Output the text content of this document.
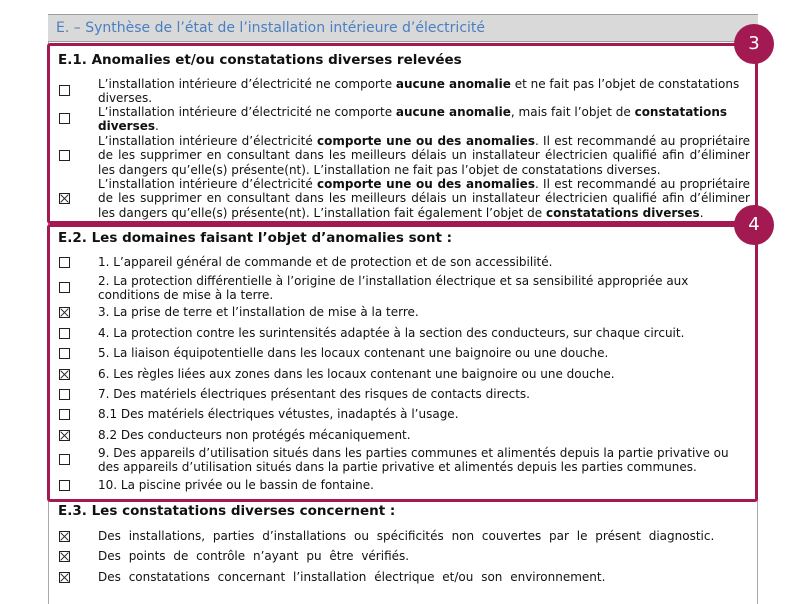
E. – Synthèse de l’état de l’installation intérieure d’électricité
3
4
E.1. Anomalies et/ou constatations diverses relevées
L’installation intérieure d’électricité ne comporte aucune anomalie et ne fait pas l’objet de constatations diverses.
L’installation intérieure d’électricité ne comporte aucune anomalie, mais fait l’objet de constatations diverses.
L’installation intérieure d’électricité comporte une ou des anomalies. Il est recommandé au propriétaire de les supprimer en consultant dans les meilleurs délais un installateur électricien qualifié afin d’éliminer les dangers qu’elle(s) présente(nt). L’installation ne fait pas l’objet de constatations diverses.
L’installation intérieure d’électricité comporte une ou des anomalies. Il est recommandé au propriétaire de les supprimer en consultant dans les meilleurs délais un installateur électricien qualifié afin d’éliminer les dangers qu’elle(s) présente(nt). L’installation fait également l’objet de constatations diverses.
E.2. Les domaines faisant l’objet d’anomalies sont :
1. L’appareil général de commande et de protection et de son accessibilité.
2. La protection différentielle à l’origine de l’installation électrique et sa sensibilité appropriée aux conditions de mise à la terre.
3. La prise de terre et l’installation de mise à la terre.
4. La protection contre les surintensités adaptée à la section des conducteurs, sur chaque circuit.
5. La liaison équipotentielle dans les locaux contenant une baignoire ou une douche.
6. Les règles liées aux zones dans les locaux contenant une baignoire ou une douche.
7. Des matériels électriques présentant des risques de contacts directs.
8.1 Des matériels électriques vétustes, inadaptés à l’usage.
8.2 Des conducteurs non protégés mécaniquement.
9. Des appareils d’utilisation situés dans les parties communes et alimentés depuis la partie privative ou des appareils d’utilisation situés dans la partie privative et alimentés depuis les parties communes.
10. La piscine privée ou le bassin de fontaine.
E.3. Les constatations diverses concernent :
Des installations, parties d’installations ou spécificités non couvertes par le présent diagnostic.
Des points de contrôle n’ayant pu être vérifiés.
Des constatations concernant l’installation électrique et/ou son environnement.
